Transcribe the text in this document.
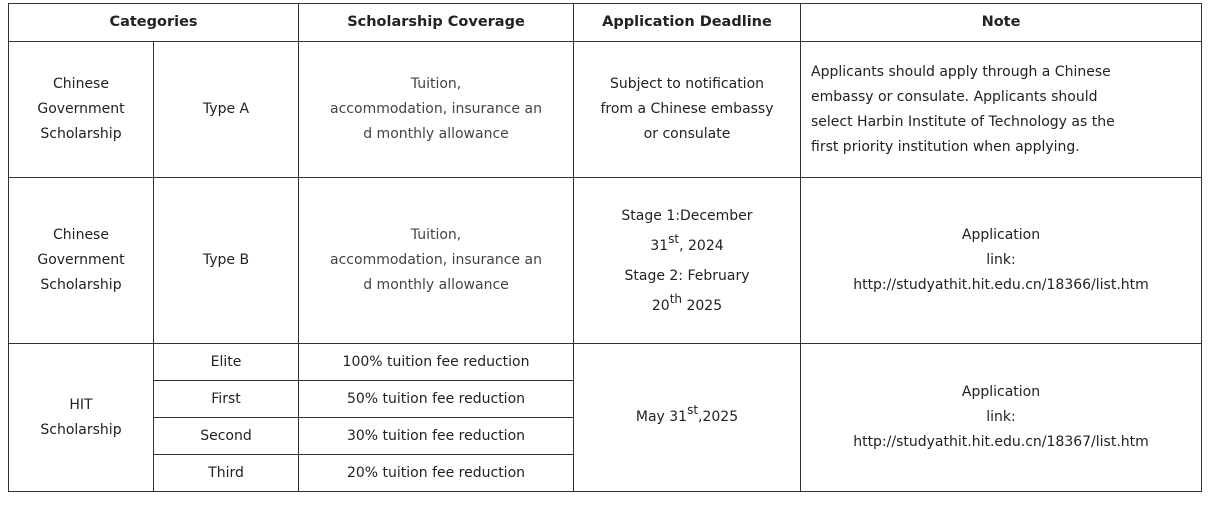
Categories		Scholarship Coverage	Application Deadline	Note

Chinese
Government
Scholarship	Type A	Tuition,
accommodation, insurance an
d monthly allowance	Subject to notification
from a Chinese embassy
or consulate	Applicants should apply through a Chinese
embassy or consulate. Applicants should
select Harbin Institute of Technology as the
first priority institution when applying.

Chinese
Government
Scholarship	Type B	Tuition,
accommodation, insurance an
d monthly allowance	Stage 1:December
31st, 2024
Stage 2: February
20th 2025	Application
link:
http://studyathit.hit.edu.cn/18366/list.htm

HIT
Scholarship	Elite	100% tuition fee reduction	May 31st,2025	Application
link:
http://studyathit.hit.edu.cn/18367/list.htm

	First	50% tuition fee reduction		
	Second	30% tuition fee reduction		
	Third	20% tuition fee reduction		
